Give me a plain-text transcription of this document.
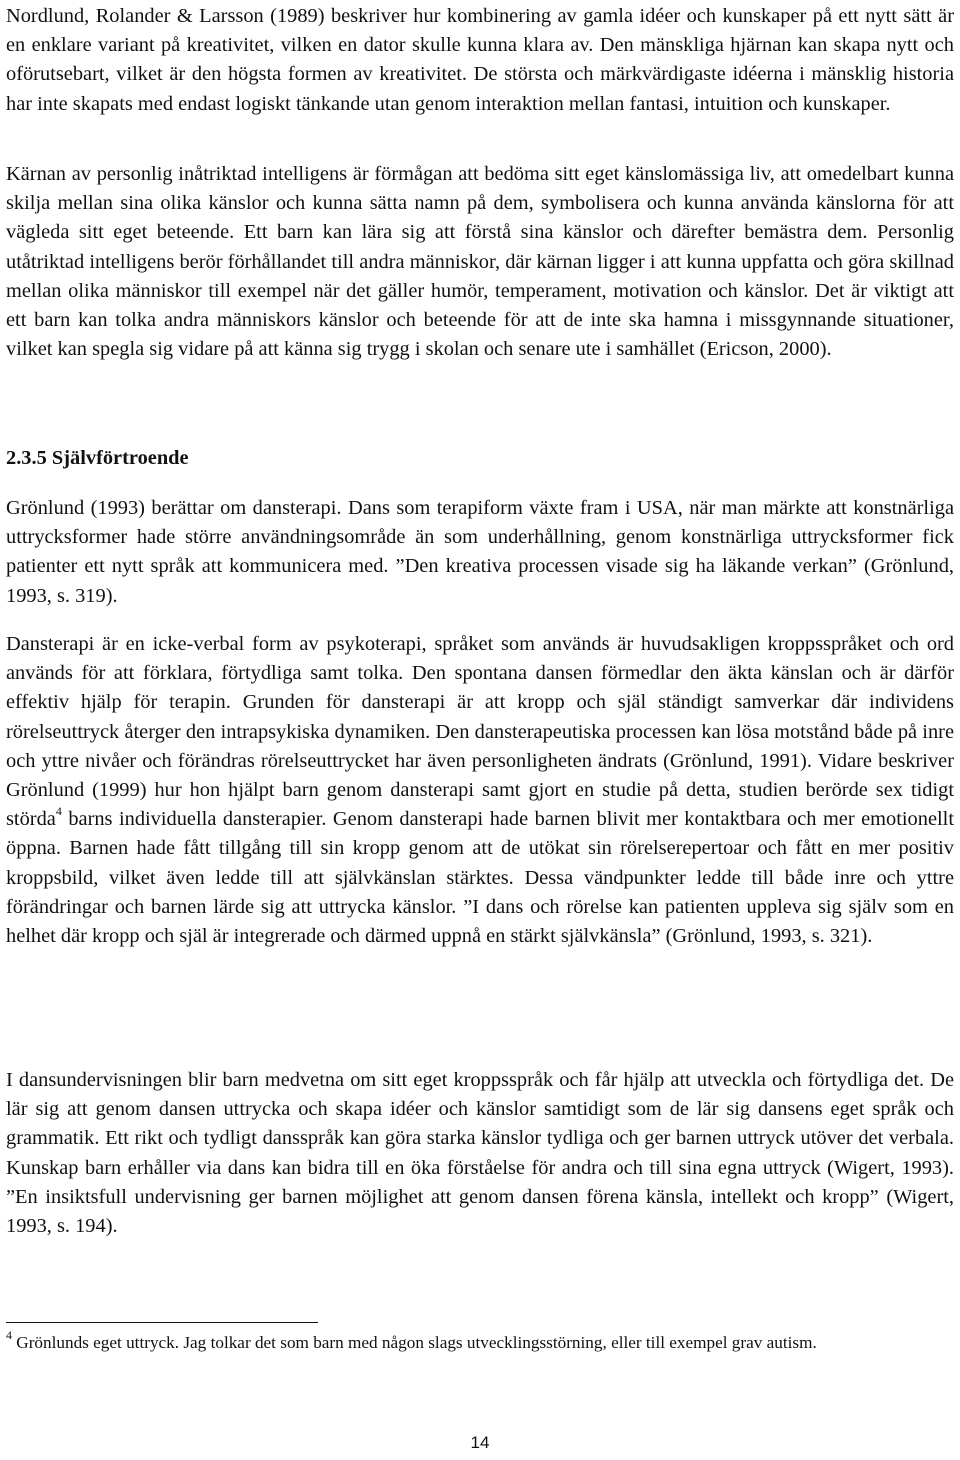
Nordlund, Rolander & Larsson (1989) beskriver hur kombinering av gamla idéer och kunskaper på ett nytt sätt är en enklare variant på kreativitet, vilken en dator skulle kunna klara av. Den mänskliga hjärnan kan skapa nytt och oförutsebart, vilket är den högsta formen av kreativitet. De största och märkvärdigaste idéerna i mänsklig historia har inte skapats med endast logiskt tänkande utan genom interaktion mellan fantasi, intuition och kunskaper.

Kärnan av personlig inåtriktad intelligens är förmågan att bedöma sitt eget känslomässiga liv, att omedelbart kunna skilja mellan sina olika känslor och kunna sätta namn på dem, symbolisera och kunna använda känslorna för att vägleda sitt eget beteende. Ett barn kan lära sig att förstå sina känslor och därefter bemästra dem. Personlig utåtriktad intelligens berör förhållandet till andra människor, där kärnan ligger i att kunna uppfatta och göra skillnad mellan olika människor till exempel när det gäller humör, temperament, motivation och känslor. Det är viktigt att ett barn kan tolka andra människors känslor och beteende för att de inte ska hamna i missgynnande situationer, vilket kan spegla sig vidare på att känna sig trygg i skolan och senare ute i samhället (Ericson, 2000).

2.3.5 Självförtroende

Grönlund (1993) berättar om dansterapi. Dans som terapiform växte fram i USA, när man märkte att konstnärliga uttrycksformer hade större användningsområde än som underhållning, genom konstnärliga uttrycksformer fick patienter ett nytt språk att kommunicera med. ”Den kreativa processen visade sig ha läkande verkan” (Grönlund, 1993, s. 319).

Dansterapi är en icke-verbal form av psykoterapi, språket som används är huvudsakligen kroppsspråket och ord används för att förklara, förtydliga samt tolka. Den spontana dansen förmedlar den äkta känslan och är därför effektiv hjälp för terapin. Grunden för dansterapi är att kropp och själ ständigt samverkar där individens rörelseuttryck återger den intrapsykiska dynamiken. Den dansterapeutiska processen kan lösa motstånd både på inre och yttre nivåer och förändras rörelseuttrycket har även personligheten ändrats (Grönlund, 1991). Vidare beskriver Grönlund (1999) hur hon hjälpt barn genom dansterapi samt gjort en studie på detta, studien berörde sex tidigt störda$^4$ barns individuella dansterapier. Genom dansterapi hade barnen blivit mer kontaktbara och mer emotionellt öppna. Barnen hade fått tillgång till sin kropp genom att de utökat sin rörelserepertoar och fått en mer positiv kroppsbild, vilket även ledde till att självkänslan stärktes. Dessa vändpunkter ledde till både inre och yttre förändringar och barnen lärde sig att uttrycka känslor. ”I dans och rörelse kan patienten uppleva sig själv som en helhet där kropp och själ är integrerade och därmed uppnå en stärkt självkänsla” (Grönlund, 1993, s. 321).

I dansundervisningen blir barn medvetna om sitt eget kroppsspråk och får hjälp att utveckla och förtydliga det. De lär sig att genom dansen uttrycka och skapa idéer och känslor samtidigt som de lär sig dansens eget språk och grammatik. Ett rikt och tydligt dansspråk kan göra starka känslor tydliga och ger barnen uttryck utöver det verbala. Kunskap barn erhåller via dans kan bidra till en öka förståelse för andra och till sina egna uttryck (Wigert, 1993). ”En insiktsfull undervisning ger barnen möjlighet att genom dansen förena känsla, intellekt och kropp” (Wigert, 1993, s. 194).

$^4$ Grönlunds eget uttryck. Jag tolkar det som barn med någon slags utvecklingsstörning, eller till exempel grav autism.

14
